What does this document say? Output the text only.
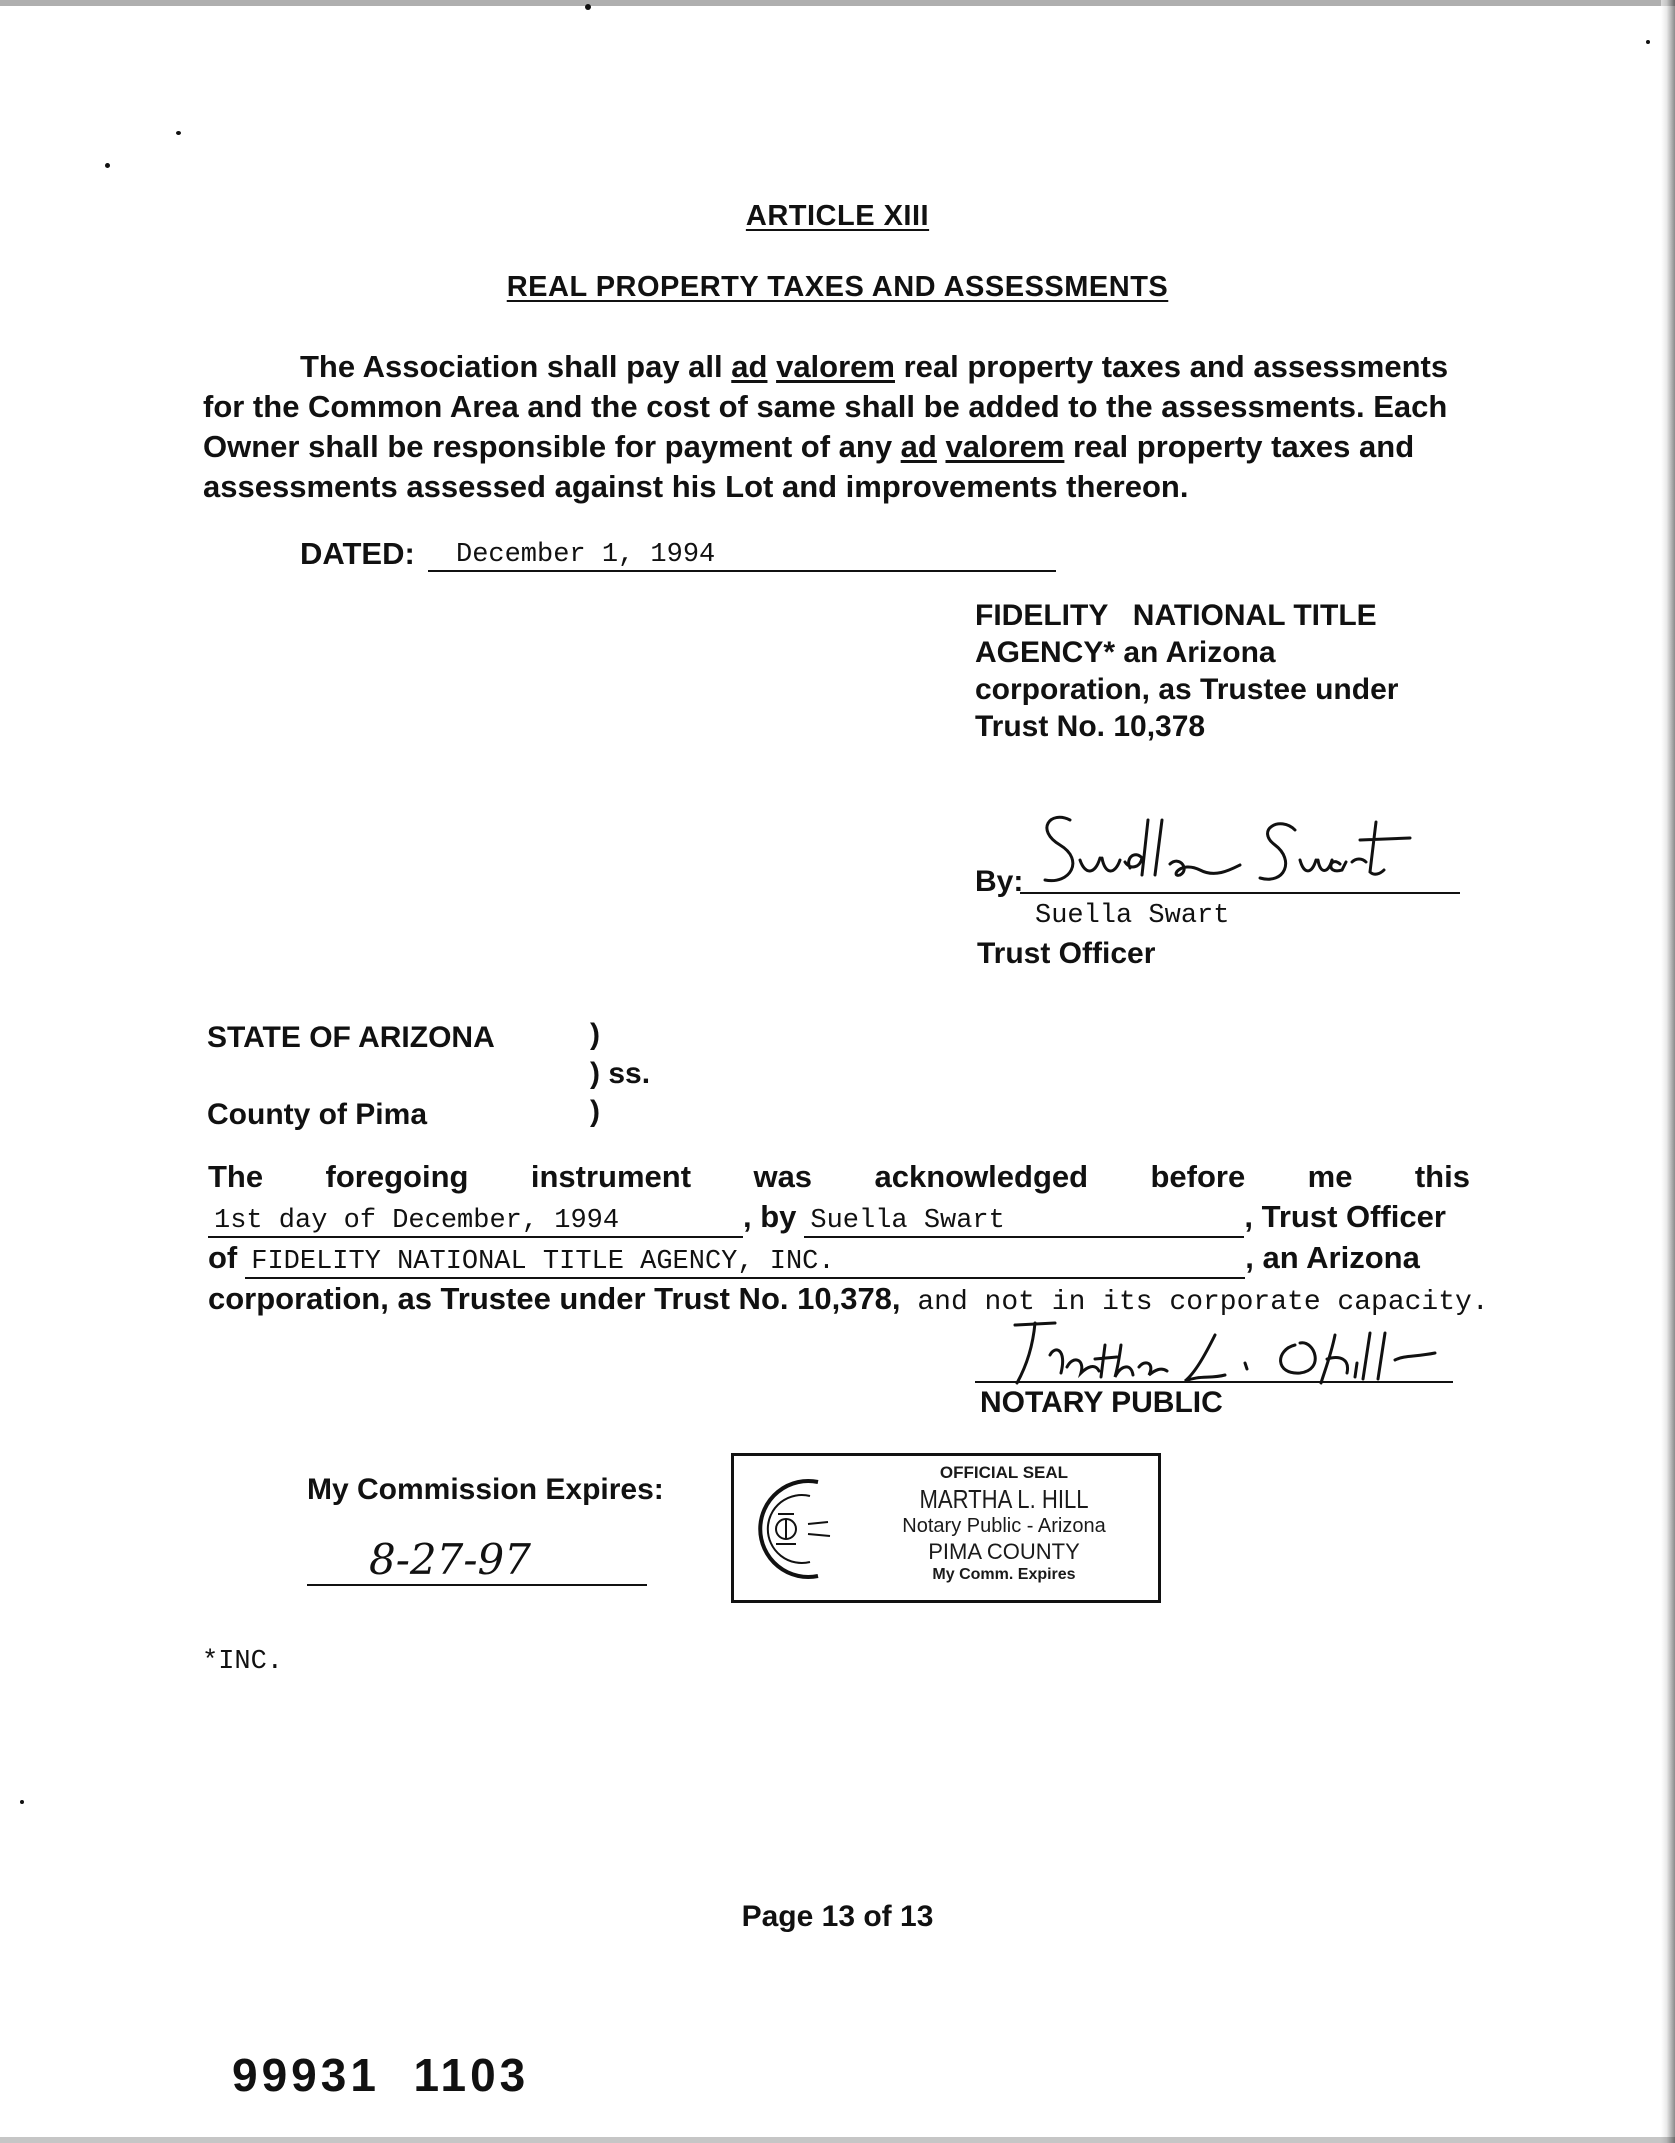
ARTICLE XIII
REAL PROPERTY TAXES AND ASSESSMENTS
The Association shall pay all ad valorem real property taxes and assessments
for the Common Area and the cost of same shall be added to the assessments. Each
Owner shall be responsible for payment of any ad valorem real property taxes and
assessments assessed against his Lot and improvements thereon.
DATED:	December 1, 1994
FIDELITY   NATIONAL TITLE
AGENCY* an Arizona
corporation, as Trustee under
Trust No. 10,378
By:
Suella Swart
Trust Officer
STATE OF ARIZONA	)
) ss.
County of Pima	)
The foregoing instrument was acknowledged before me this
1st day of December, 1994	, by Suella Swart	, Trust Officer
of FIDELITY NATIONAL TITLE AGENCY, INC.	, an Arizona
corporation, as Trustee under Trust No. 10,378, and not in its corporate capacity.
NOTARY PUBLIC
My Commission Expires:
8-27-97
OFFICIAL SEAL
MARTHA L. HILL
Notary Public - Arizona
PIMA COUNTY
My Comm. Expires
*INC.
Page 13 of 13
99931  1103
